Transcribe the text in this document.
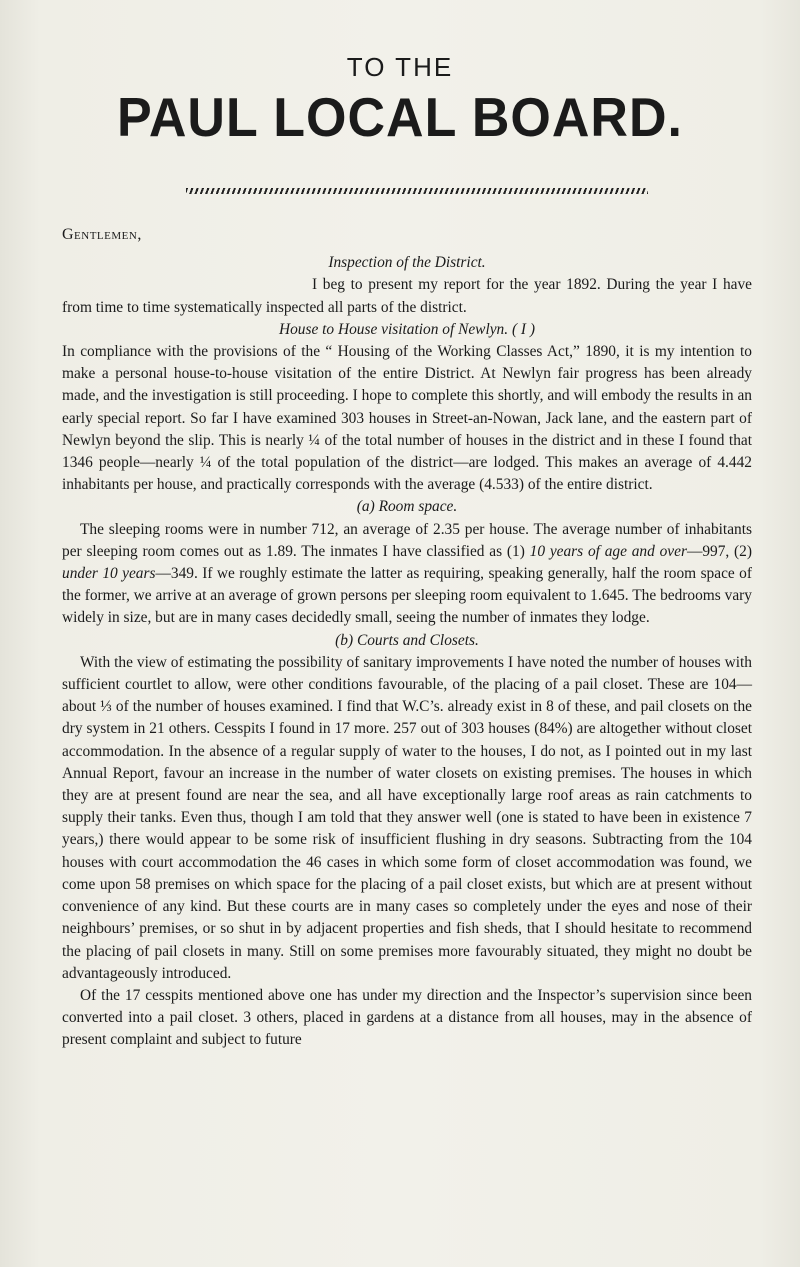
TO THE
PAUL LOCAL BOARD.

Gentlemen,

Inspection of the District.

I beg to present my report for the year 1892. During the year I have from time to time systematically inspected all parts of the district.

House to House visitation of Newlyn. ( I )

In compliance with the provisions of the “ Housing of the Working Classes Act,” 1890, it is my intention to make a personal house-to-house visitation of the entire District. At Newlyn fair progress has been already made, and the investigation is still proceeding. I hope to complete this shortly, and will embody the results in an early special report. So far I have examined 303 houses in Street-an-Nowan, Jack lane, and the eastern part of Newlyn beyond the slip. This is nearly ¼ of the total number of houses in the district and in these I found that 1346 people—nearly ¼ of the total population of the district—are lodged. This makes an average of 4.442 inhabitants per house, and practically corresponds with the average (4.533) of the entire district.

(a) Room space.

The sleeping rooms were in number 712, an average of 2.35 per house. The average number of inhabitants per sleeping room comes out as 1.89. The inmates I have classified as (1) 10 years of age and over—997, (2) under 10 years—349. If we roughly estimate the latter as requiring, speaking generally, half the room space of the former, we arrive at an average of grown persons per sleeping room equivalent to 1.645. The bedrooms vary widely in size, but are in many cases decidedly small, seeing the number of inmates they lodge.

(b) Courts and Closets.

With the view of estimating the possibility of sanitary improvements I have noted the number of houses with sufficient courtlet to allow, were other conditions favourable, of the placing of a pail closet. These are 104—about ⅓ of the number of houses examined. I find that W.C’s. already exist in 8 of these, and pail closets on the dry system in 21 others. Cesspits I found in 17 more. 257 out of 303 houses (84%) are altogether without closet accommodation. In the absence of a regular supply of water to the houses, I do not, as I pointed out in my last Annual Report, favour an increase in the number of water closets on existing premises. The houses in which they are at present found are near the sea, and all have exceptionally large roof areas as rain catchments to supply their tanks. Even thus, though I am told that they answer well (one is stated to have been in existence 7 years,) there would appear to be some risk of insufficient flushing in dry seasons. Subtracting from the 104 houses with court accommodation the 46 cases in which some form of closet accommodation was found, we come upon 58 premises on which space for the placing of a pail closet exists, but which are at present without convenience of any kind. But these courts are in many cases so completely under the eyes and nose of their neighbours’ premises, or so shut in by adjacent properties and fish sheds, that I should hesitate to recommend the placing of pail closets in many. Still on some premises more favourably situated, they might no doubt be advantageously introduced.

Of the 17 cesspits mentioned above one has under my direction and the Inspector’s supervision since been converted into a pail closet. 3 others, placed in gardens at a distance from all houses, may in the absence of present complaint and subject to future
